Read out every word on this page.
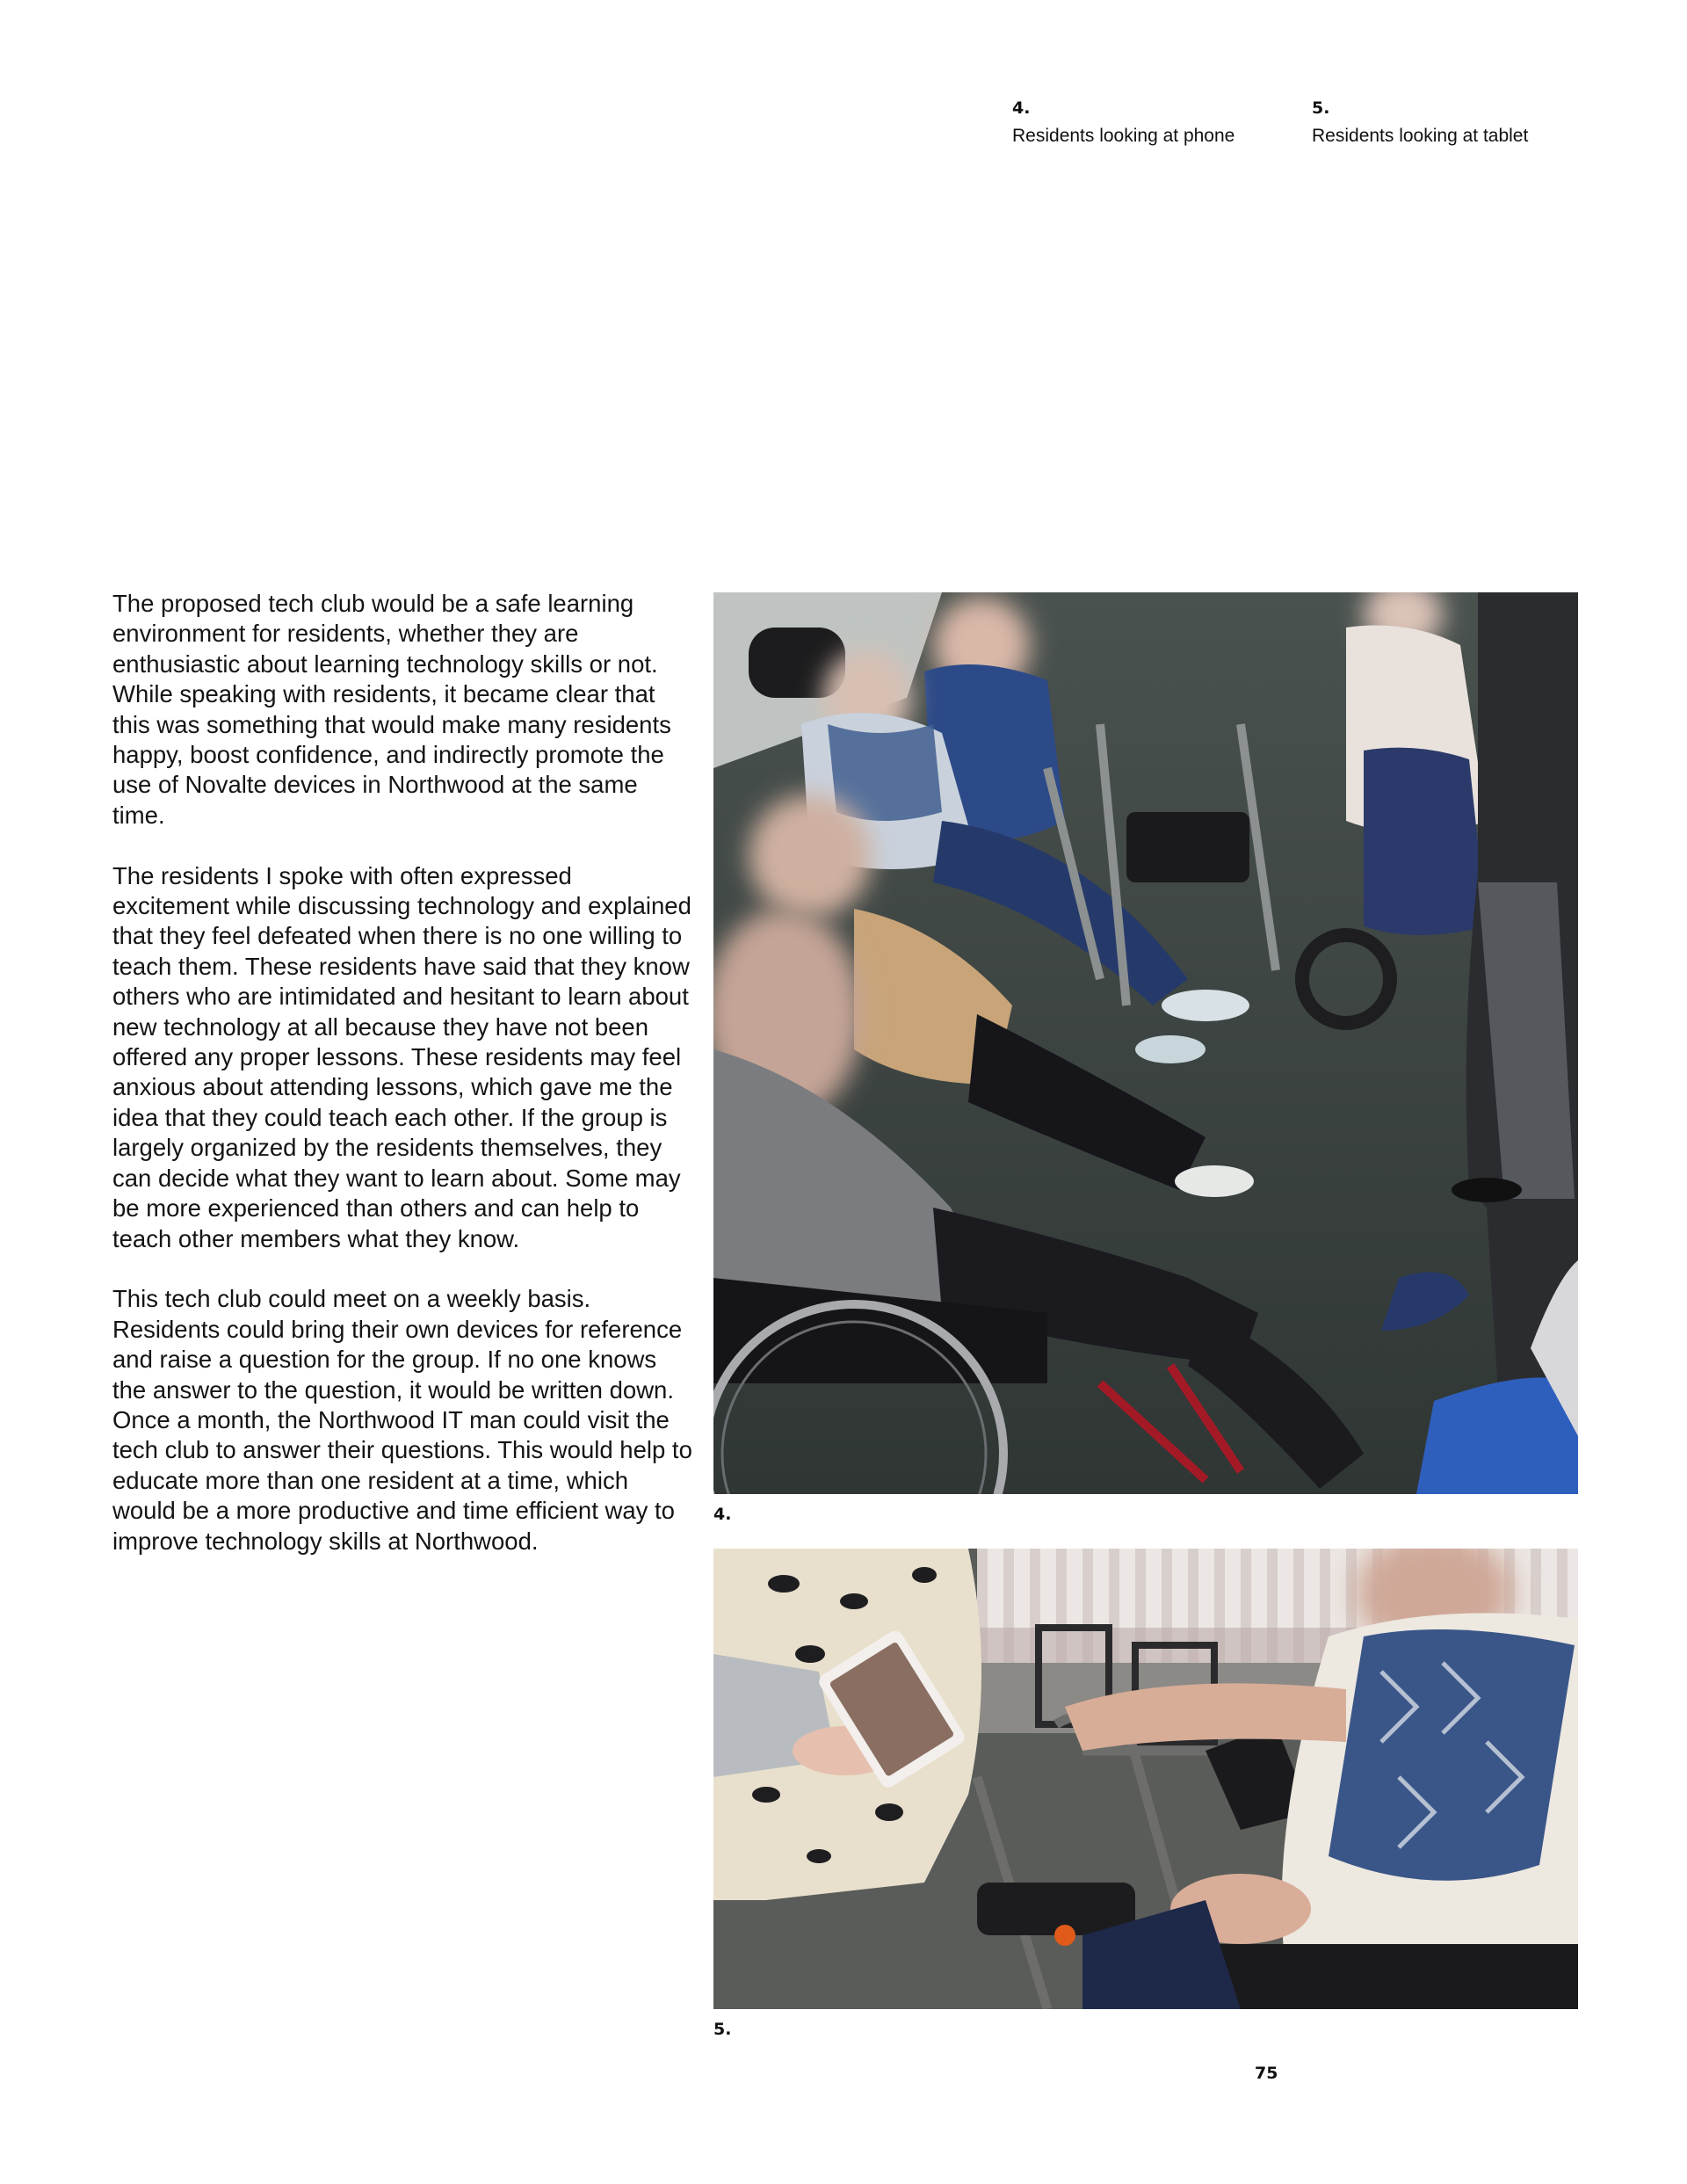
4.
Residents looking at phone
5.
Residents looking at tablet

The proposed tech club would be a safe learning environment for residents, whether they are enthusiastic about learning technology skills or not. While speaking with residents, it became clear that this was something that would make many residents happy, boost confidence, and indirectly promote the use of Novalte devices in Northwood at the same time.

The residents I spoke with often expressed excitement while discussing technology and explained that they feel defeated when there is no one willing to teach them. These residents have said that they know others who are intimidated and hesitant to learn about new technology at all because they have not been offered any proper lessons. These residents may feel anxious about attending lessons, which gave me the idea that they could teach each other. If the group is largely organized by the residents themselves, they can decide what they want to learn about. Some may be more experienced than others and can help to teach other members what they know.

This tech club could meet on a weekly basis. Residents could bring their own devices for reference and raise a question for the group. If no one knows the answer to the question, it would be written down. Once a month, the Northwood IT man could visit the tech club to answer their questions. This would help to educate more than one resident at a time, which would be a more productive and time efficient way to improve technology skills at Northwood.

4.
5.
75
